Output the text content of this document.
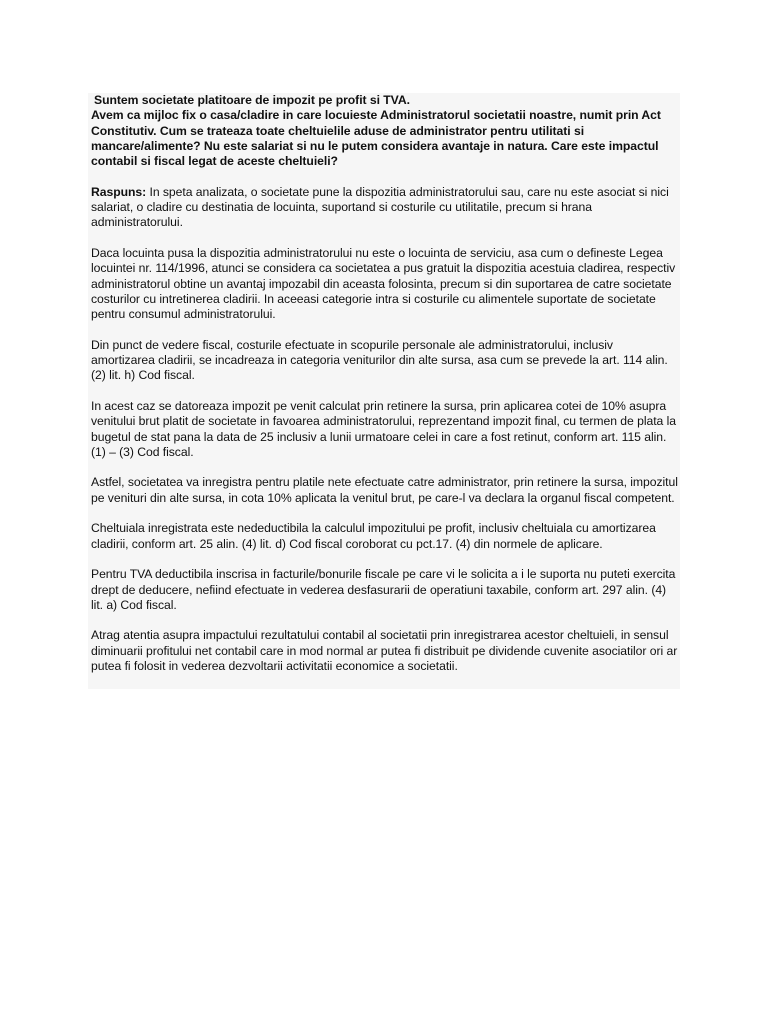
Suntem societate platitoare de impozit pe profit si TVA.
Avem ca mijloc fix o casa/cladire in care locuieste Administratorul societatii noastre, numit prin Act Constitutiv. Cum se trateaza toate cheltuielile aduse de administrator pentru utilitati si mancare/alimente? Nu este salariat si nu le putem considera avantaje in natura. Care este impactul contabil si fiscal legat de aceste cheltuieli?

Raspuns: In speta analizata, o societate pune la dispozitia administratorului sau, care nu este asociat si nici salariat, o cladire cu destinatia de locuinta, suportand si costurile cu utilitatile, precum si hrana administratorului.

Daca locuinta pusa la dispozitia administratorului nu este o locuinta de serviciu, asa cum o defineste Legea locuintei nr. 114/1996, atunci se considera ca societatea a pus gratuit la dispozitia acestuia cladirea, respectiv administratorul obtine un avantaj impozabil din aceasta folosinta, precum si din suportarea de catre societate costurilor cu intretinerea cladirii. In aceeasi categorie intra si costurile cu alimentele suportate de societate pentru consumul administratorului.

Din punct de vedere fiscal, costurile efectuate in scopurile personale ale administratorului, inclusiv amortizarea cladirii, se incadreaza in categoria veniturilor din alte sursa, asa cum se prevede la art. 114 alin. (2) lit. h) Cod fiscal.

In acest caz se datoreaza impozit pe venit calculat prin retinere la sursa, prin aplicarea cotei de 10% asupra venitului brut platit de societate in favoarea administratorului, reprezentand impozit final, cu termen de plata la bugetul de stat pana la data de 25 inclusiv a lunii urmatoare celei in care a fost retinut, conform art. 115 alin. (1) – (3) Cod fiscal.

Astfel, societatea va inregistra pentru platile nete efectuate catre administrator, prin retinere la sursa, impozitul pe venituri din alte sursa, in cota 10% aplicata la venitul brut, pe care-l va declara la organul fiscal competent.

Cheltuiala inregistrata este nedeductibila la calculul impozitului pe profit, inclusiv cheltuiala cu amortizarea cladirii, conform art. 25 alin. (4) lit. d) Cod fiscal coroborat cu pct.17. (4) din normele de aplicare.

Pentru TVA deductibila inscrisa in facturile/bonurile fiscale pe care vi le solicita a i le suporta nu puteti exercita drept de deducere, nefiind efectuate in vederea desfasurarii de operatiuni taxabile, conform art. 297 alin. (4) lit. a) Cod fiscal.

Atrag atentia asupra impactului rezultatului contabil al societatii prin inregistrarea acestor cheltuieli, in sensul diminuarii profitului net contabil care in mod normal ar putea fi distribuit pe dividende cuvenite asociatilor ori ar putea fi folosit in vederea dezvoltarii activitatii economice a societatii.
